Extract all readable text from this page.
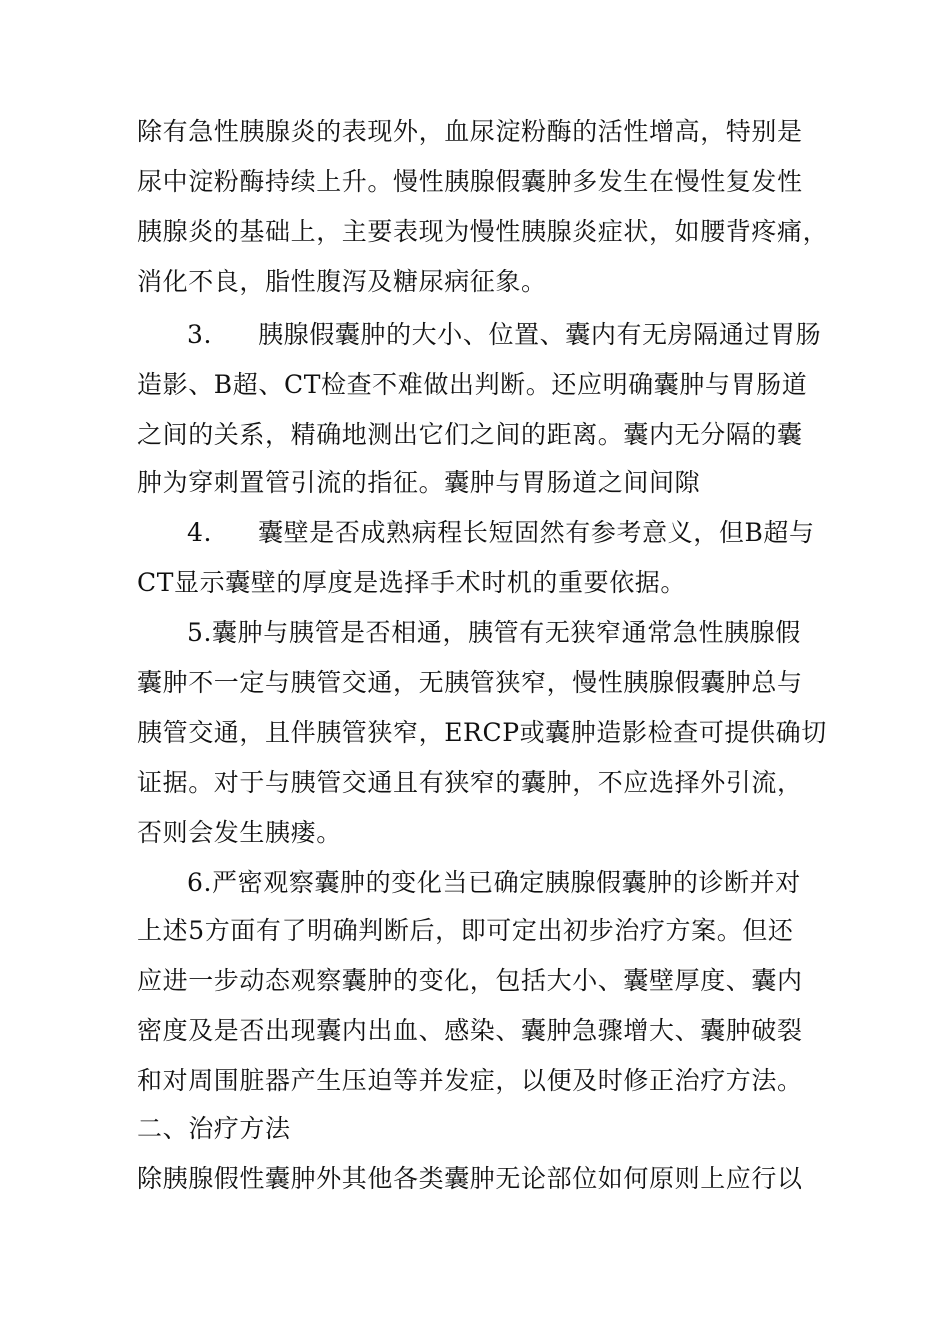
除有急性胰腺炎的表现外，血尿淀粉酶的活性增高，特别是
尿中淀粉酶持续上升。慢性胰腺假囊肿多发生在慢性复发性
胰腺炎的基础上，主要表现为慢性胰腺炎症状，如腰背疼痛，
消化不良，脂性腹泻及糖尿病征象。
3. 胰腺假囊肿的大小、位置、囊内有无房隔通过胃肠
造影、B超、CT检查不难做出判断。还应明确囊肿与胃肠道
之间的关系，精确地测出它们之间的距离。囊内无分隔的囊
肿为穿刺置管引流的指征。囊肿与胃肠道之间间隙
4. 囊壁是否成熟病程长短固然有参考意义，但B超与
CT显示囊壁的厚度是选择手术时机的重要依据。
5.囊肿与胰管是否相通，胰管有无狭窄通常急性胰腺假
囊肿不一定与胰管交通，无胰管狭窄，慢性胰腺假囊肿总与
胰管交通，且伴胰管狭窄，ERCP或囊肿造影检查可提供确切
证据。对于与胰管交通且有狭窄的囊肿，不应选择外引流，
否则会发生胰瘘。
6.严密观察囊肿的变化当已确定胰腺假囊肿的诊断并对
上述5方面有了明确判断后，即可定出初步治疗方案。但还
应进一步动态观察囊肿的变化，包括大小、囊壁厚度、囊内
密度及是否出现囊内出血、感染、囊肿急骤增大、囊肿破裂
和对周围脏器产生压迫等并发症，以便及时修正治疗方法。
二、治疗方法
除胰腺假性囊肿外其他各类囊肿无论部位如何原则上应行以
